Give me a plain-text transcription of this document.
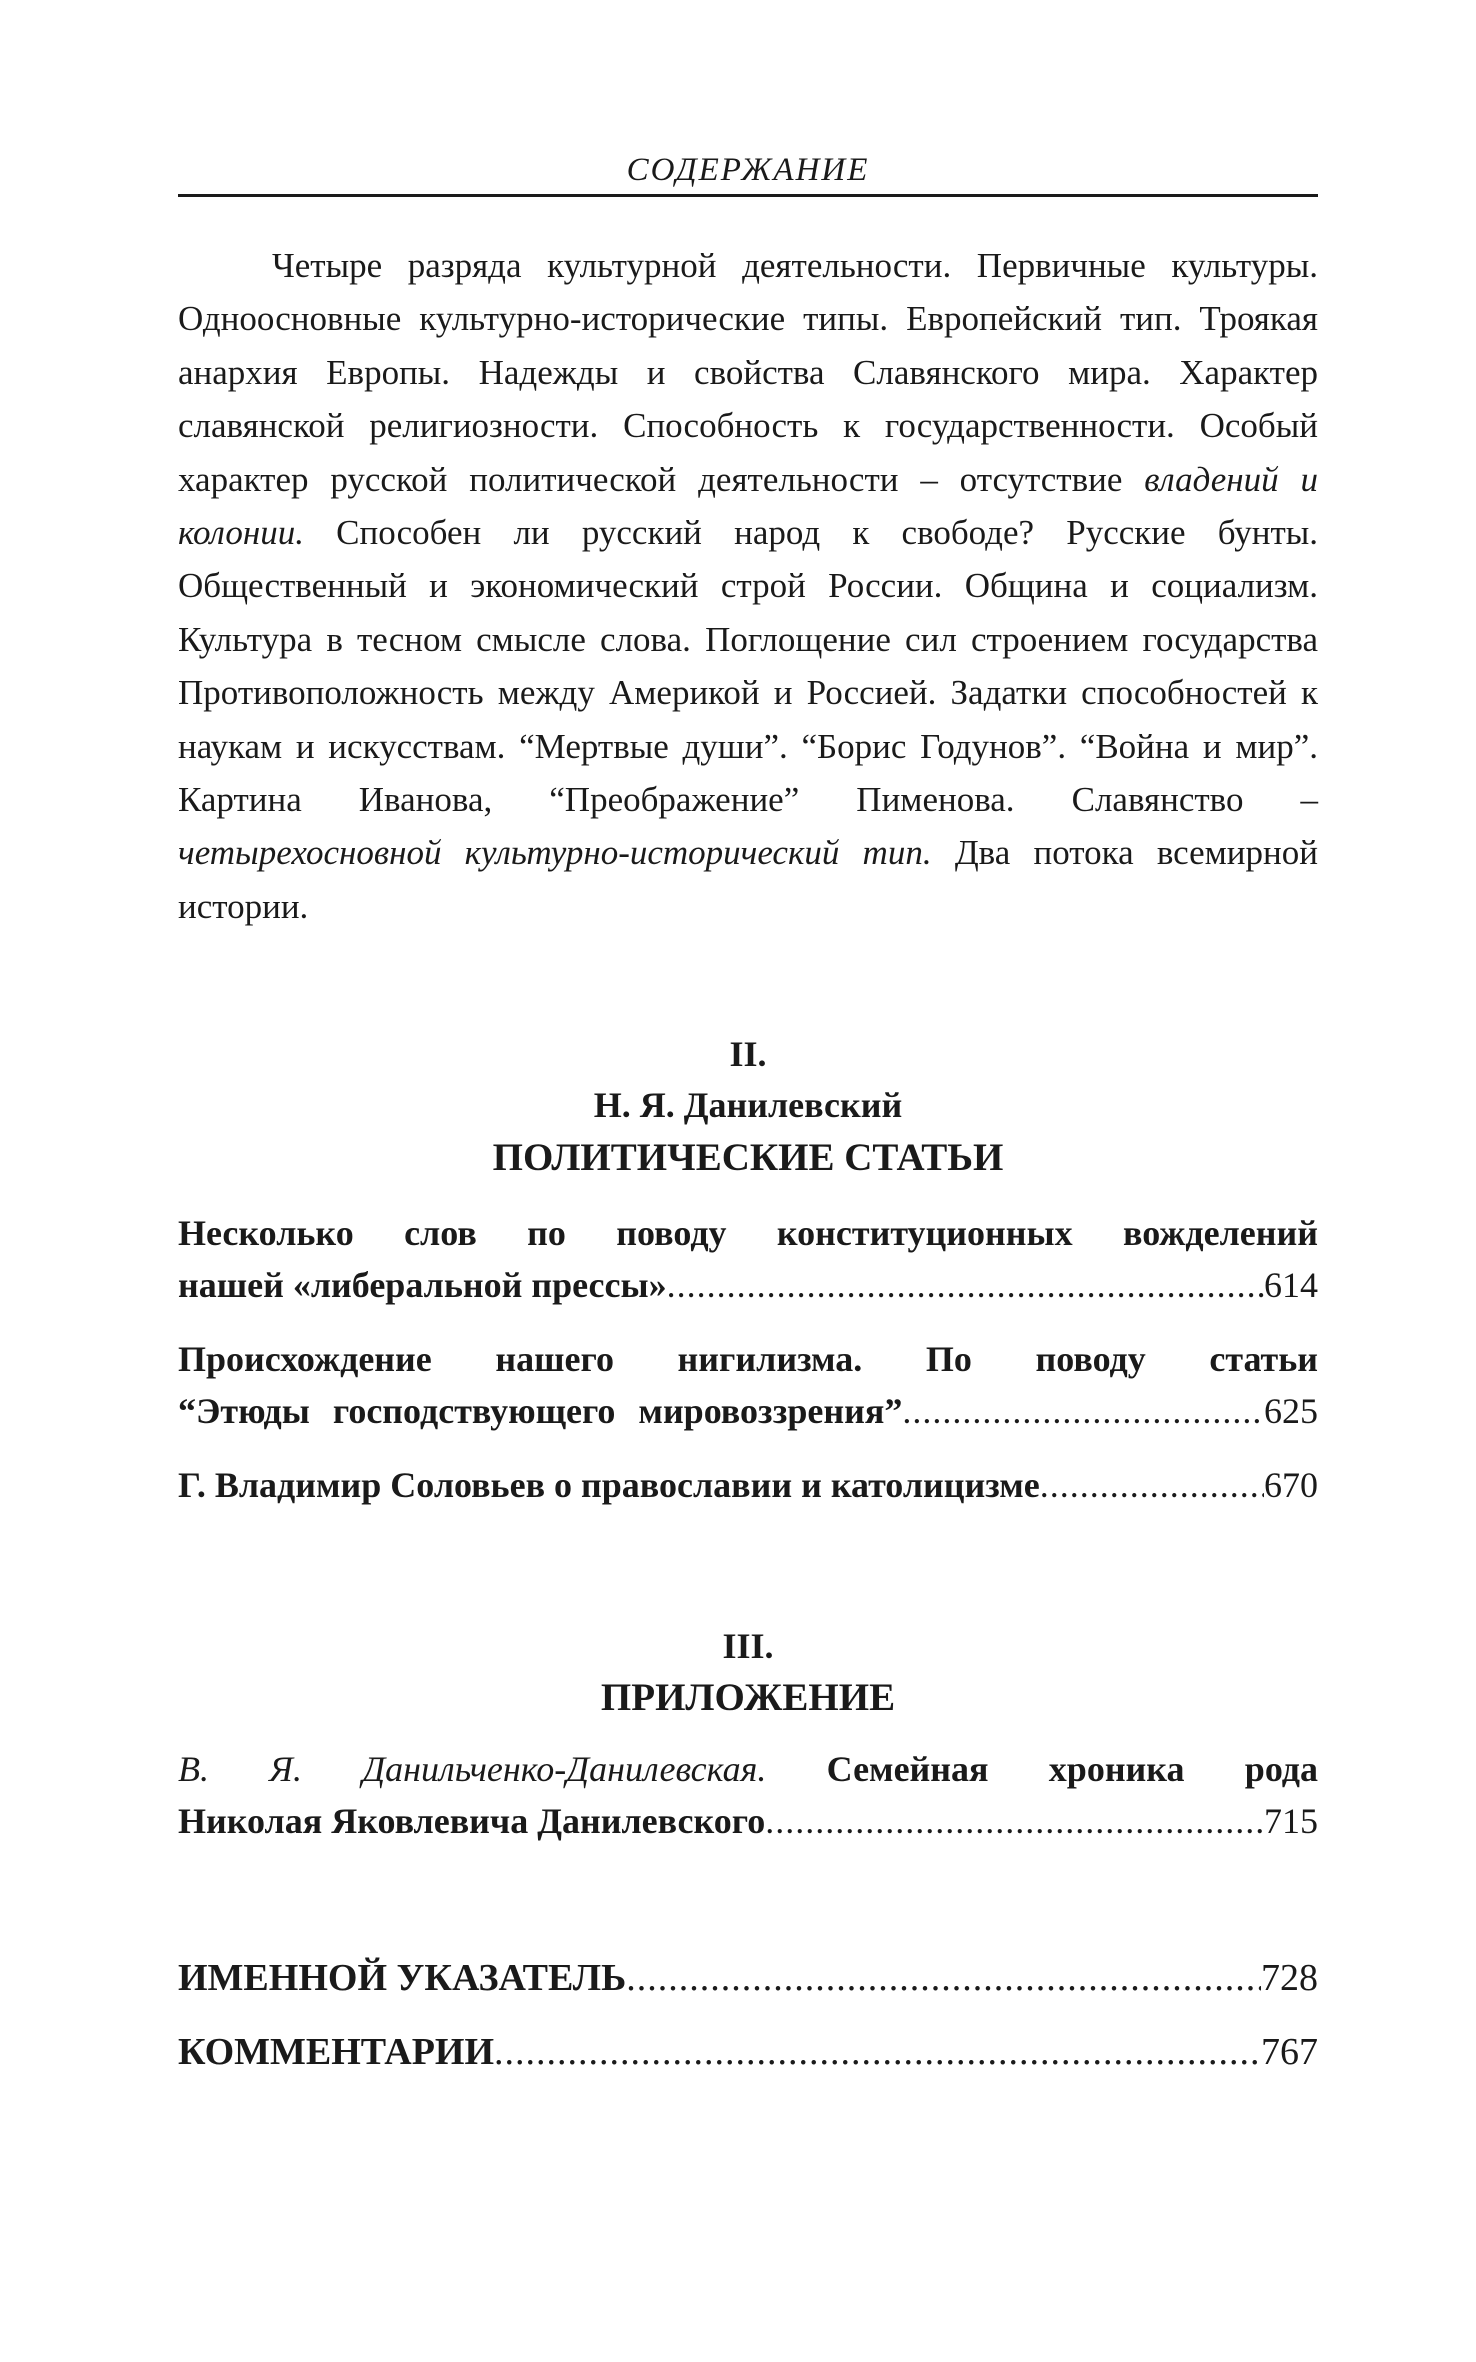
СОДЕРЖАНИЕ

Четыре разряда культурной деятельности. Первичные культуры. Одноосновные культурно-исторические типы. Европейский тип. Троякая анархия Европы. Надежды и свойства Славянского мира. Характер славянской религиозности. Способность к государственности. Особый характер русской политической деятельности – отсутствие владений и колонии. Способен ли русский народ к свободе? Русские бунты. Общественный и экономический строй России. Община и социализм. Культура в тесном смысле слова. Поглощение сил строением государства Противоположность между Америкой и Россией. Задатки способностей к наукам и искусствам. “Мертвые души”. “Борис Годунов”. “Война и мир”. Картина Иванова, “Преображение” Пименова. Славянство – четырехосновной культурно-исторический тип. Два потока всемирной истории.

II.
Н. Я. Данилевский
ПОЛИТИЧЕСКИЕ СТАТЬИ
Несколько слов по поводу конституционных вожделений
нашей «либеральной прессы» .....	614
Происхождение нашего нигилизма. По поводу статьи
“Этюды господствующего мировоззрения” .....	625
Г. Владимир Соловьев о православии и католицизме .....	670
III.
ПРИЛОЖЕНИЕ
В. Я. Данильченко-Данилевская. Семейная хроника рода
Николая Яковлевича Данилевского .....	715
ИМЕННОЙ УКАЗАТЕЛЬ .....	728
КОММЕНТАРИИ .....	767
